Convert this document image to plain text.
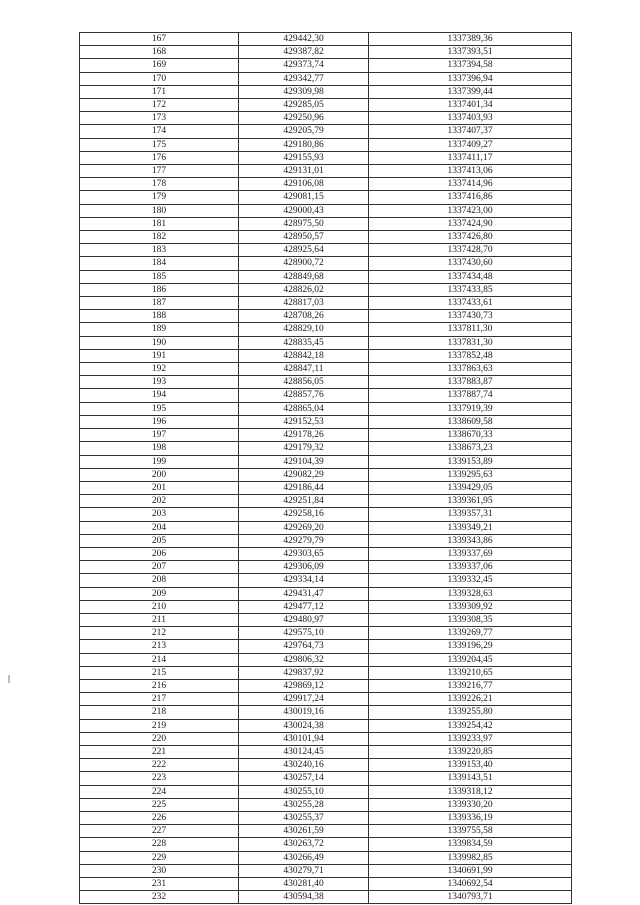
167	429442,30	1337389,36
168	429387,82	1337393,51
169	429373,74	1337394,58
170	429342,77	1337396,94
171	429309,98	1337399,44
172	429285,05	1337401,34
173	429250,96	1337403,93
174	429205,79	1337407,37
175	429180,86	1337409,27
176	429155,93	1337411,17
177	429131,01	1337413,06
178	429106,08	1337414,96
179	429081,15	1337416,86
180	429000,43	1337423,00
181	428975,50	1337424,90
182	428950,57	1337426,80
183	428925,64	1337428,70
184	428900,72	1337430,60
185	428849,68	1337434,48
186	428826,02	1337433,85
187	428817,03	1337433,61
188	428708,26	1337430,73
189	428829,10	1337811,30
190	428835,45	1337831,30
191	428842,18	1337852,48
192	428847,11	1337863,63
193	428856,05	1337883,87
194	428857,76	1337887,74
195	428865,04	1337919,39
196	429152,53	1338609,58
197	429178,26	1338670,33
198	429179,32	1338673,23
199	429104,39	1339153,89
200	429082,29	1339295,63
201	429186,44	1339429,05
202	429251,84	1339361,95
203	429258,16	1339357,31
204	429269,20	1339349,21
205	429279,79	1339343,86
206	429303,65	1339337,69
207	429306,09	1339337,06
208	429334,14	1339332,45
209	429431,47	1339328,63
210	429477,12	1339309,92
211	429480,97	1339308,35
212	429575,10	1339269,77
213	429764,73	1339196,29
214	429806,32	1339204,45
215	429837,92	1339210,65
216	429869,12	1339216,77
217	429917,24	1339226,21
218	430019,16	1339255,80
219	430024,38	1339254,42
220	430101,94	1339233,97
221	430124,45	1339220,85
222	430240,16	1339153,40
223	430257,14	1339143,51
224	430255,10	1339318,12
225	430255,28	1339330,20
226	430255,37	1339336,19
227	430261,59	1339755,58
228	430263,72	1339834,59
229	430266,49	1339982,85
230	430279,71	1340691,99
231	430281,40	1340692,54
232	430594,38	1340793,71
